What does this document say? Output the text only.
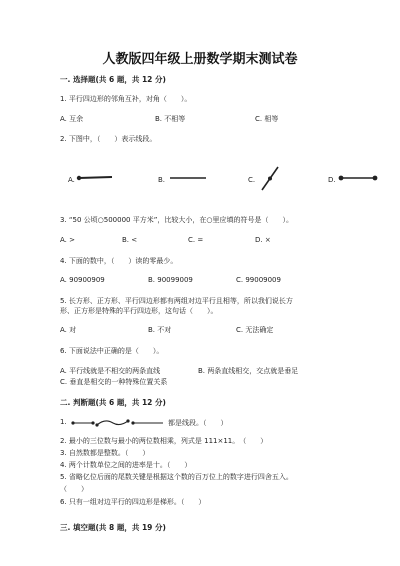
人教版四年级上册数学期末测试卷
一. 选择题(共 6 题，共 12 分)
1. 平行四边形的邻角互补，对角（　　）。
A. 互余	B. 不相等	C. 相等
2. 下图中，（　　）表示线段。
A.	B.	C.	D.
3. “50 公顷○500000 平方米”，比较大小，在○里应填的符号是（　　）。
A. >	B. <	C. =	D. ×
4. 下面的数中，（　　）读的零最少。
A. 90900909	B. 90099009	C. 99009009
5. 长方形、正方形、平行四边形都有两组对边平行且相等，所以我们说长方
形、正方形是特殊的平行四边形，这句话（　　）。
A. 对	B. 不对	C. 无法确定
6. 下面说法中正确的是（　　）。
A. 平行线就是不相交的两条直线	B. 两条直线相交，交点就是垂足
C. 垂直是相交的一种特殊位置关系
二. 判断题(共 6 题，共 12 分)
1.	都是线段。（　　）
2. 最小的三位数与最小的两位数相乘，列式是 111×11。　（　　）
3. 自然数都是整数。（　　）
4. 两个计数单位之间的进率是十。（　　）
5. 省略亿位后面的尾数关键是根据这个数的百万位上的数字进行四舍五入。
（　　）
6. 只有一组对边平行的四边形是梯形。（　　）
三. 填空题(共 8 题，共 19 分)
